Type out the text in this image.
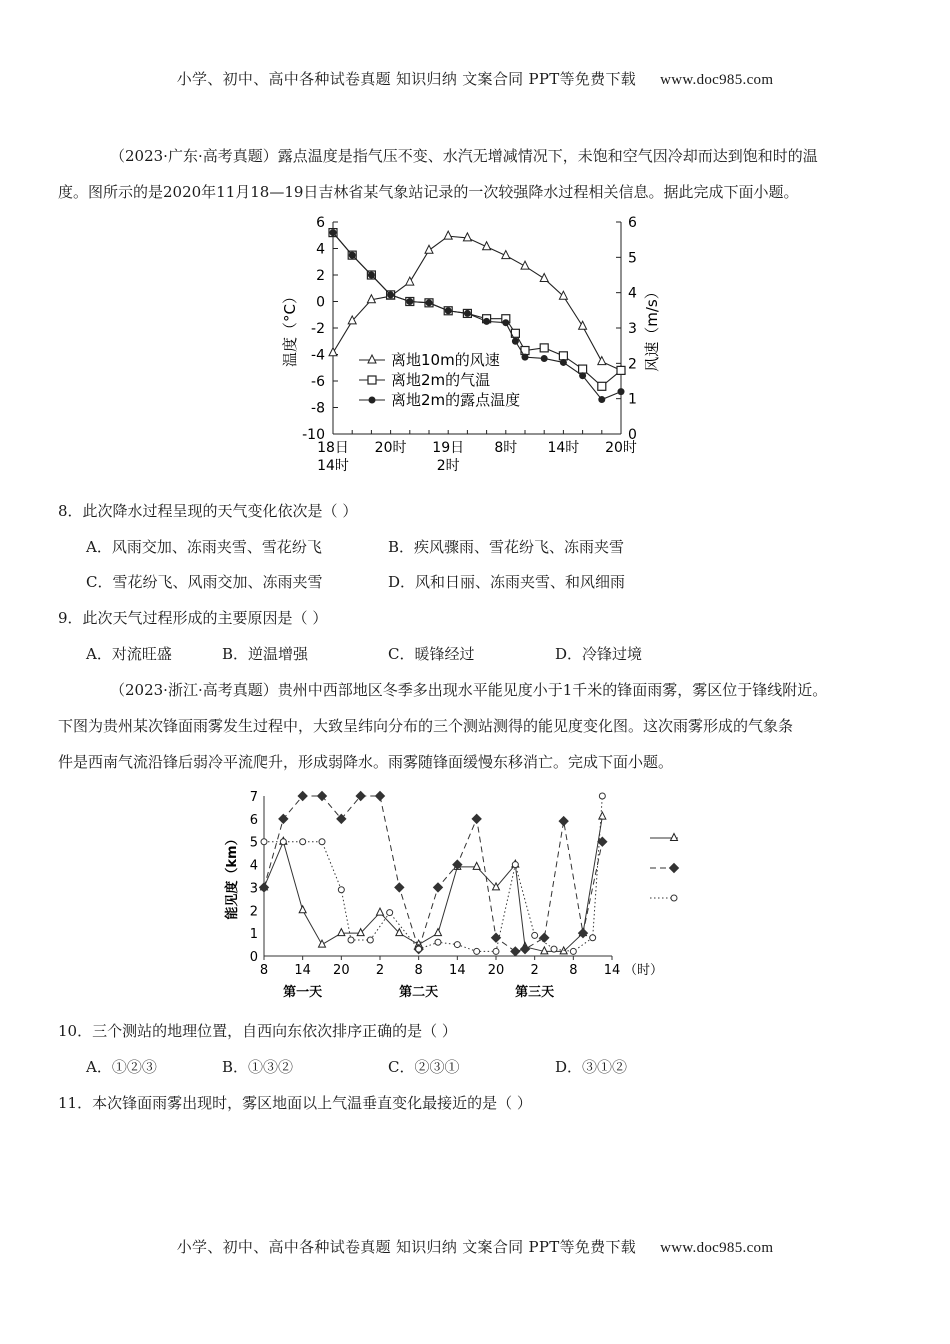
小学、初中、高中各种试卷真题 知识归纳 文案合同 PPT等免费下载 www.doc985.com
（2023·广东·高考真题）露点温度是指气压不变、水汽无增减情况下，未饱和空气因冷却而达到饱和时的温
度。图所示的是2020年11月18—19日吉林省某气象站记录的一次较强降水过程相关信息。据此完成下面小题。
6
4
2
0
-2
-4
-6
-8
-10
6
5
4
3
2
1
0
18日
14时
20时 19日
2时
8时 14时 20时
温度（°C）	风速（m/s）
离地10m的风速
离地2m的气温
离地2m的露点温度
8．此次降水过程呈现的天气变化依次是（ ）
A．风雨交加、冻雨夹雪、雪花纷飞	B．疾风骤雨、雪花纷飞、冻雨夹雪
C．雪花纷飞、风雨交加、冻雨夹雪	D．风和日丽、冻雨夹雪、和风细雨
9．此次天气过程形成的主要原因是（ ）
A．对流旺盛	B．逆温增强	C．暖锋经过	D．冷锋过境
（2023·浙江·高考真题）贵州中西部地区冬季多出现水平能见度小于1千米的锋面雨雾，雾区位于锋线附近。
下图为贵州某次锋面雨雾发生过程中，大致呈纬向分布的三个测站测得的能见度变化图。这次雨雾形成的气象条
件是西南气流沿锋后弱冷平流爬升，形成弱降水。雨雾随锋面缓慢东移消亡。完成下面小题。
0
1
2
3
4
5
6
7
8 14 20 2 8 14 20 2 8 14 （时）
第一天	第二天	第三天
能见度（km）
10．三个测站的地理位置，自西向东依次排序正确的是（ ）
A．①②③	B．①③②	C．②③①	D．③①②
11．本次锋面雨雾出现时，雾区地面以上气温垂直变化最接近的是（ ）
小学、初中、高中各种试卷真题 知识归纳 文案合同 PPT等免费下载 www.doc985.com
